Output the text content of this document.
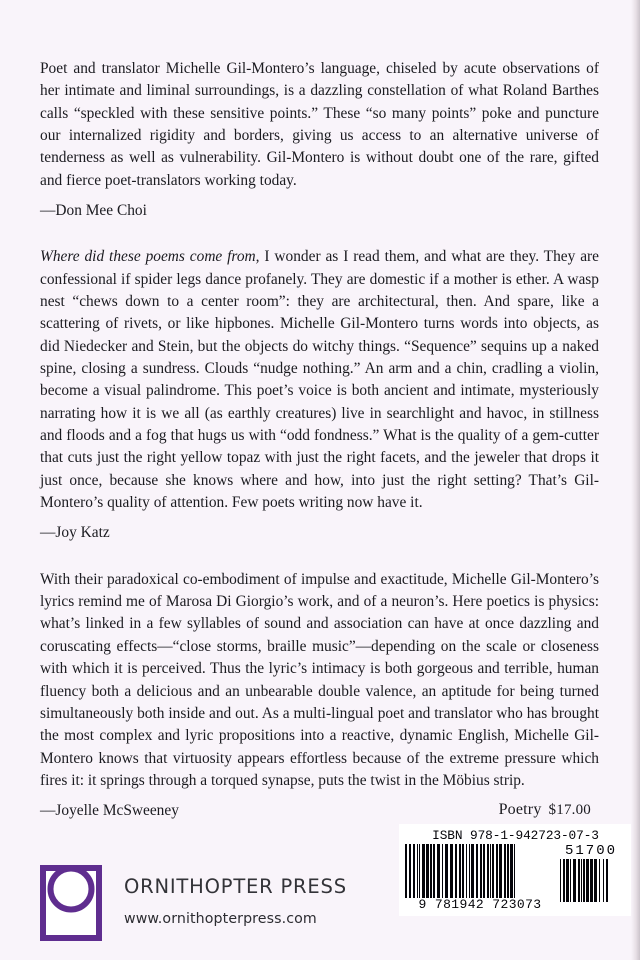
Poet and translator Michelle Gil-Montero’s language, chiseled by acute observations of her intimate and liminal surroundings, is a dazzling constellation of what Roland Barthes calls “speckled with these sensitive points.” These “so many points” poke and puncture our internalized rigidity and borders, giving us access to an alternative universe of tenderness as well as vulnerability. Gil-Montero is without doubt one of the rare, gifted and fierce poet-translators working today.

—Don Mee Choi

Where did these poems come from, I wonder as I read them, and what are they. They are confessional if spider legs dance profanely. They are domestic if a mother is ether. A wasp nest “chews down to a center room”: they are architectural, then. And spare, like a scattering of rivets, or like hipbones. Michelle Gil-Montero turns words into objects, as did Niedecker and Stein, but the objects do witchy things. “Sequence” sequins up a naked spine, closing a sundress. Clouds “nudge nothing.” An arm and a chin, cradling a violin, become a visual palindrome. This poet’s voice is both ancient and intimate, mysteriously narrating how it is we all (as earthly creatures) live in searchlight and havoc, in stillness and floods and a fog that hugs us with “odd fondness.” What is the quality of a gem-cutter that cuts just the right yellow topaz with just the right facets, and the jeweler that drops it just once, because she knows where and how, into just the right setting? That’s Gil-Montero’s quality of attention. Few poets writing now have it.

—Joy Katz

With their paradoxical co-embodiment of impulse and exactitude, Michelle Gil-Montero’s lyrics remind me of Marosa Di Giorgio’s work, and of a neuron’s. Here poetics is physics: what’s linked in a few syllables of sound and association can have at once dazzling and coruscating effects—“close storms, braille music”—depending on the scale or closeness with which it is perceived. Thus the lyric’s intimacy is both gorgeous and terrible, human fluency both a delicious and an unbearable double valence, an aptitude for being turned simultaneously both inside and out. As a multi-lingual poet and translator who has brought the most complex and lyric propositions into a reactive, dynamic English, Michelle Gil-Montero knows that virtuosity appears effortless because of the extreme pressure which fires it: it springs through a torqued synapse, puts the twist in the Möbius strip.

—Joyelle McSweeney	Poetry $17.00
ISBN 978-1-942723-07-3
9 781942 723073
51700
ORNITHOPTER PRESS
www.ornithopterpress.com
